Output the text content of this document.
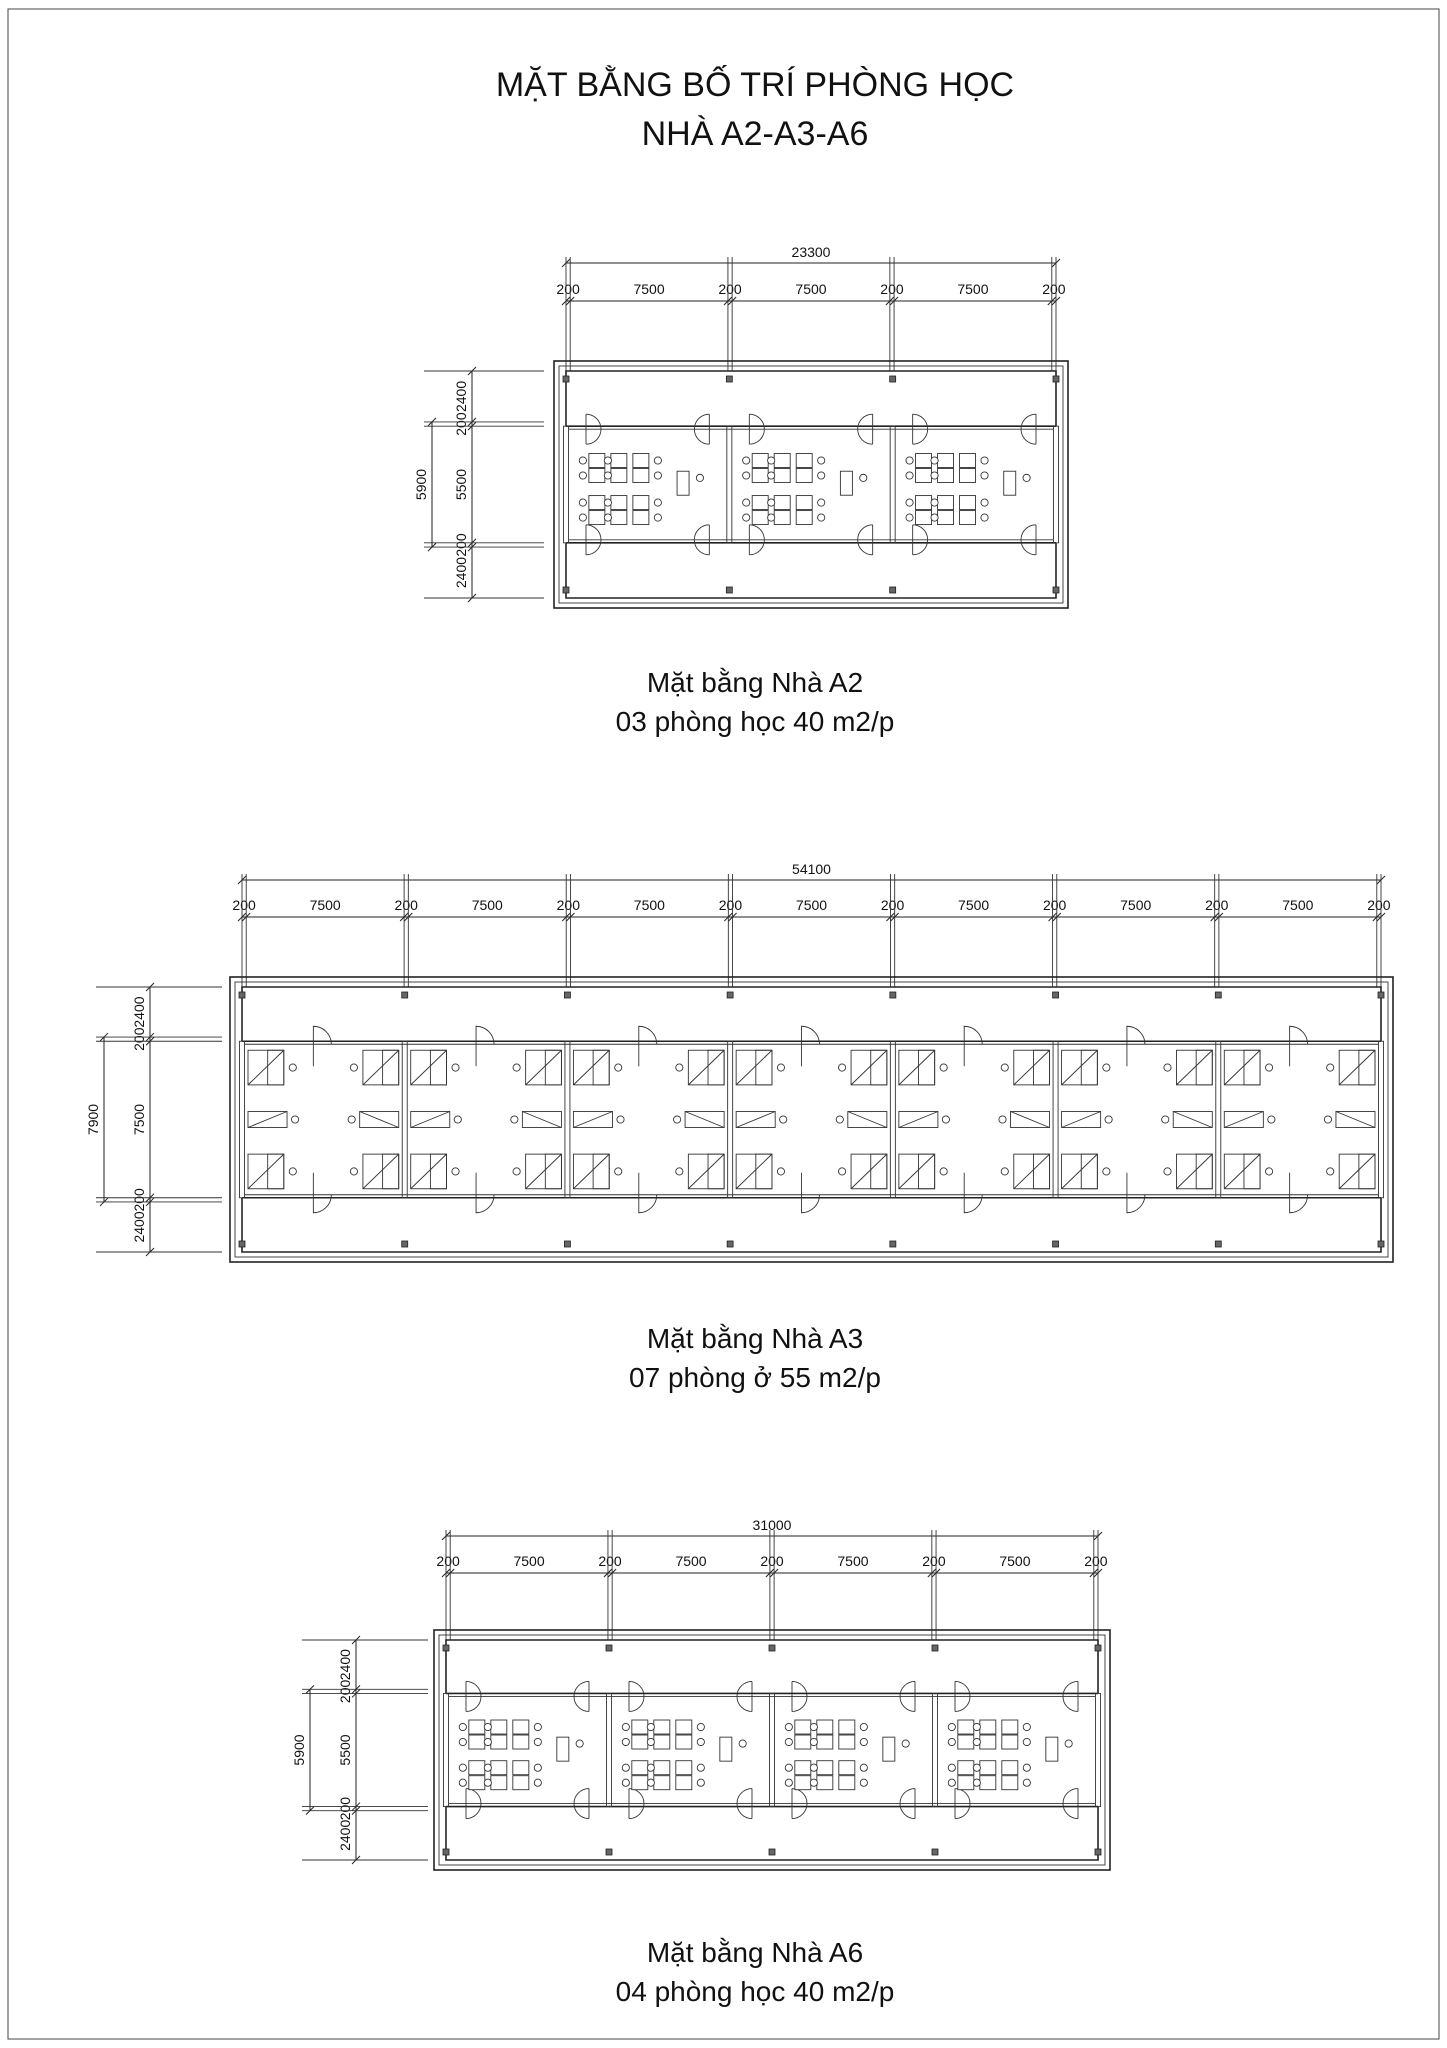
MẶT BẰNG BỐ TRÍ PHÒNG HỌC
NHÀ A2-A3-A6
23300
200	7500	200	7500	200	7500	200
2400
200
5500
200
2400
5900
Mặt bằng Nhà A2
03 phòng học 40 m2/p
54100
200	7500	200	7500	200	7500	200	7500	200	7500	200	7500	200	7500	200
2400
200
7500
200
2400
7900
Mặt bằng Nhà A3
07 phòng ở 55 m2/p
31000
200	7500	200	7500	200	7500	200	7500	200
2400
200
5500
200
2400
5900
Mặt bằng Nhà A6
04 phòng học 40 m2/p
